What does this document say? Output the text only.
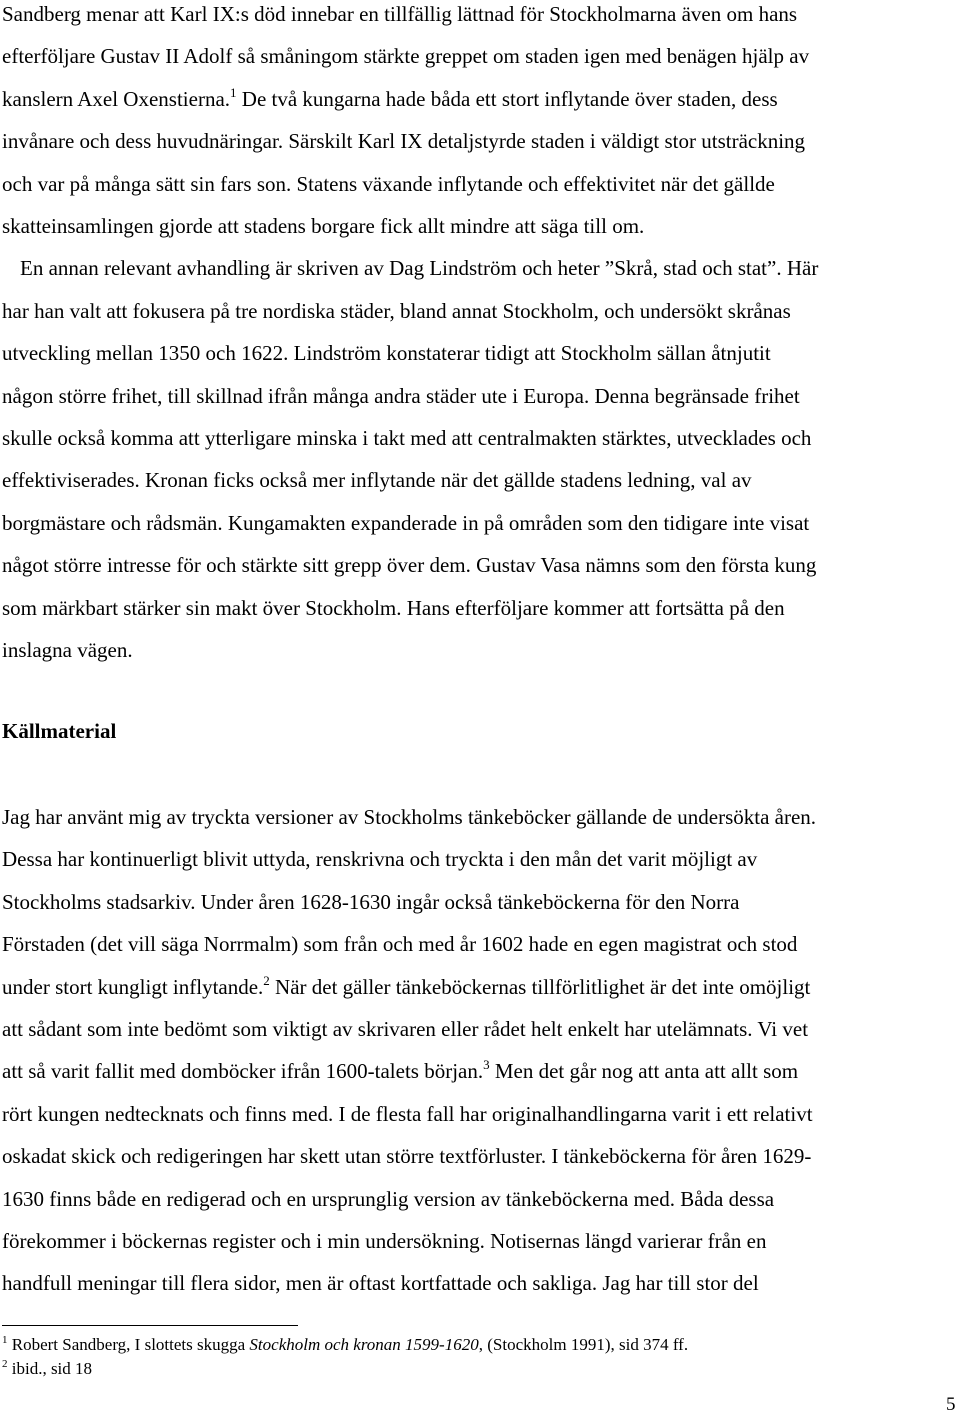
Sandberg menar att Karl IX:s död innebar en tillfällig lättnad för Stockholmarna även om hans
efterföljare Gustav II Adolf så småningom stärkte greppet om staden igen med benägen hjälp av
kanslern Axel Oxenstierna.$^1$ De två kungarna hade båda ett stort inflytande över staden, dess
invånare och dess huvudnäringar. Särskilt Karl IX detaljstyrde staden i väldigt stor utsträckning
och var på många sätt sin fars son. Statens växande inflytande och effektivitet när det gällde
skatteinsamlingen gjorde att stadens borgare fick allt mindre att säga till om.
En annan relevant avhandling är skriven av Dag Lindström och heter ”Skrå, stad och stat”. Här
har han valt att fokusera på tre nordiska städer, bland annat Stockholm, och undersökt skrånas
utveckling mellan 1350 och 1622. Lindström konstaterar tidigt att Stockholm sällan åtnjutit
någon större frihet, till skillnad ifrån många andra städer ute i Europa. Denna begränsade frihet
skulle också komma att ytterligare minska i takt med att centralmakten stärktes, utvecklades och
effektiviserades. Kronan ficks också mer inflytande när det gällde stadens ledning, val av
borgmästare och rådsmän. Kungamakten expanderade in på områden som den tidigare inte visat
något större intresse för och stärkte sitt grepp över dem. Gustav Vasa nämns som den första kung
som märkbart stärker sin makt över Stockholm. Hans efterföljare kommer att fortsätta på den
inslagna vägen.
Källmaterial
Jag har använt mig av tryckta versioner av Stockholms tänkeböcker gällande de undersökta åren.
Dessa har kontinuerligt blivit uttyda, renskrivna och tryckta i den mån det varit möjligt av
Stockholms stadsarkiv. Under åren 1628-1630 ingår också tänkeböckerna för den Norra
Förstaden (det vill säga Norrmalm) som från och med år 1602 hade en egen magistrat och stod
under stort kungligt inflytande.$^2$ När det gäller tänkeböckernas tillförlitlighet är det inte omöjligt
att sådant som inte bedömt som viktigt av skrivaren eller rådet helt enkelt har utelämnats. Vi vet
att så varit fallit med domböcker ifrån 1600-talets början.$^3$ Men det går nog att anta att allt som
rört kungen nedtecknats och finns med. I de flesta fall har originalhandlingarna varit i ett relativt
oskadat skick och redigeringen har skett utan större textförluster. I tänkeböckerna för åren 1629-
1630 finns både en redigerad och en ursprunglig version av tänkeböckerna med. Båda dessa
förekommer i böckernas register och i min undersökning. Notisernas längd varierar från en
handfull meningar till flera sidor, men är oftast kortfattade och sakliga. Jag har till stor del
$^1$ Robert Sandberg, I slottets skugga Stockholm och kronan 1599-1620, (Stockholm 1991), sid 374 ff.
$^2$ ibid., sid 18
5
